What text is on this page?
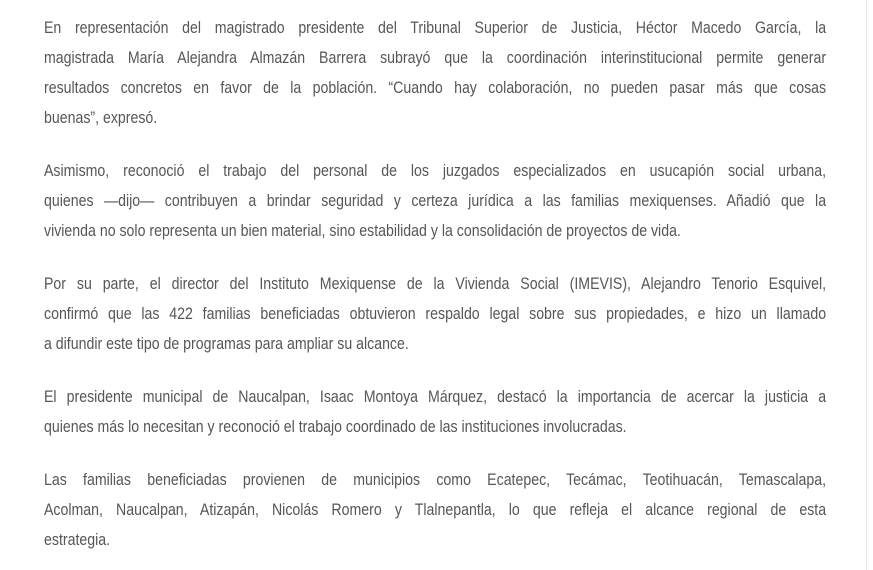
En representación del magistrado presidente del Tribunal Superior de Justicia, Héctor Macedo García, la
magistrada María Alejandra Almazán Barrera subrayó que la coordinación interinstitucional permite generar
resultados concretos en favor de la población. “Cuando hay colaboración, no pueden pasar más que cosas
buenas”, expresó.

Asimismo, reconoció el trabajo del personal de los juzgados especializados en usucapión social urbana,
quienes —dijo— contribuyen a brindar seguridad y certeza jurídica a las familias mexiquenses. Añadió que la
vivienda no solo representa un bien material, sino estabilidad y la consolidación de proyectos de vida.

Por su parte, el director del Instituto Mexiquense de la Vivienda Social (IMEVIS), Alejandro Tenorio Esquivel,
confirmó que las 422 familias beneficiadas obtuvieron respaldo legal sobre sus propiedades, e hizo un llamado
a difundir este tipo de programas para ampliar su alcance.

El presidente municipal de Naucalpan, Isaac Montoya Márquez, destacó la importancia de acercar la justicia a
quienes más lo necesitan y reconoció el trabajo coordinado de las instituciones involucradas.

Las familias beneficiadas provienen de municipios como Ecatepec, Tecámac, Teotihuacán, Temascalapa,
Acolman, Naucalpan, Atizapán, Nicolás Romero y Tlalnepantla, lo que refleja el alcance regional de esta
estrategia.
